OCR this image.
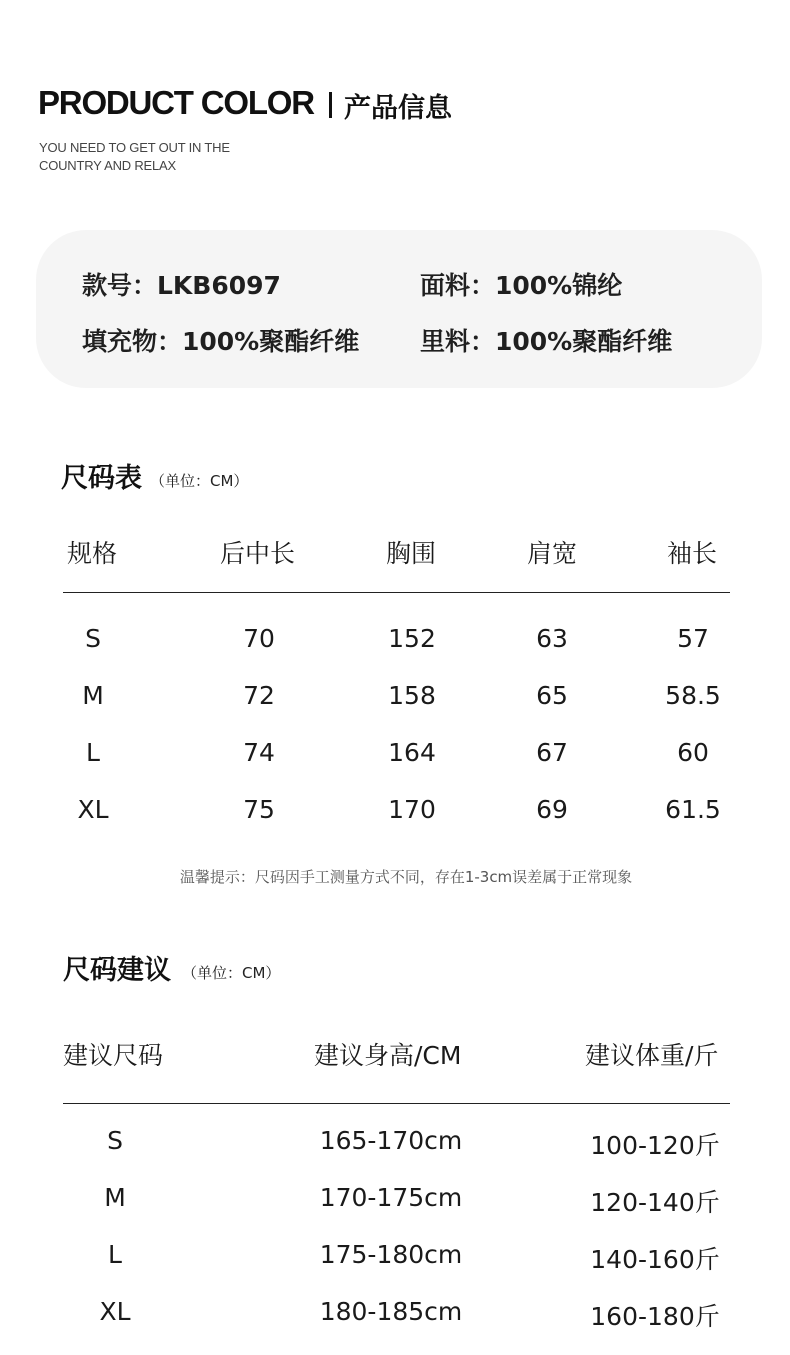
PRODUCT COLOR 产品信息
YOU NEED TO GET OUT IN THE
COUNTRY AND RELAX
款号：LKB6097	面料：100%锦纶
填充物：100%聚酯纤维 里料：100%聚酯纤维
尺码表 （单位：CM）
规格	后中长	胸围	肩宽	袖长
S	70	152	63	57
M	72	158	65	58.5
L	74	164	67	60
XL	75	170	69	61.5
温馨提示：尺码因手工测量方式不同，存在1-3cm误差属于正常现象
尺码建议 （单位：CM）
建议尺码	建议身高/CM	建议体重/斤
S	165-170cm	100-120斤
M	170-175cm	120-140斤
L	175-180cm	140-160斤
XL	180-185cm	160-180斤
